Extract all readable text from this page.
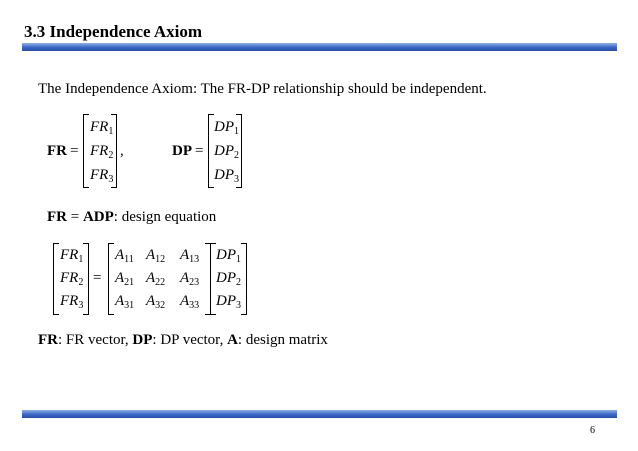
3.3 Independence Axiom
The Independence Axiom: The FR-DP relationship should be independent.
FR =
$FR_1$
$FR_2$
$FR_3$
,	DP =
$DP_1$
$DP_2$
$DP_3$
FR = ADP: design equation
$FR_1$
$FR_2$
$FR_3$
=
$A_{11}$ $A_{12}$ $A_{13}$
$A_{21}$ $A_{22}$ $A_{23}$
$A_{31}$ $A_{32}$ $A_{33}$
$DP_1$
$DP_2$
$DP_3$
FR: FR vector, DP: DP vector, A: design matrix
6
